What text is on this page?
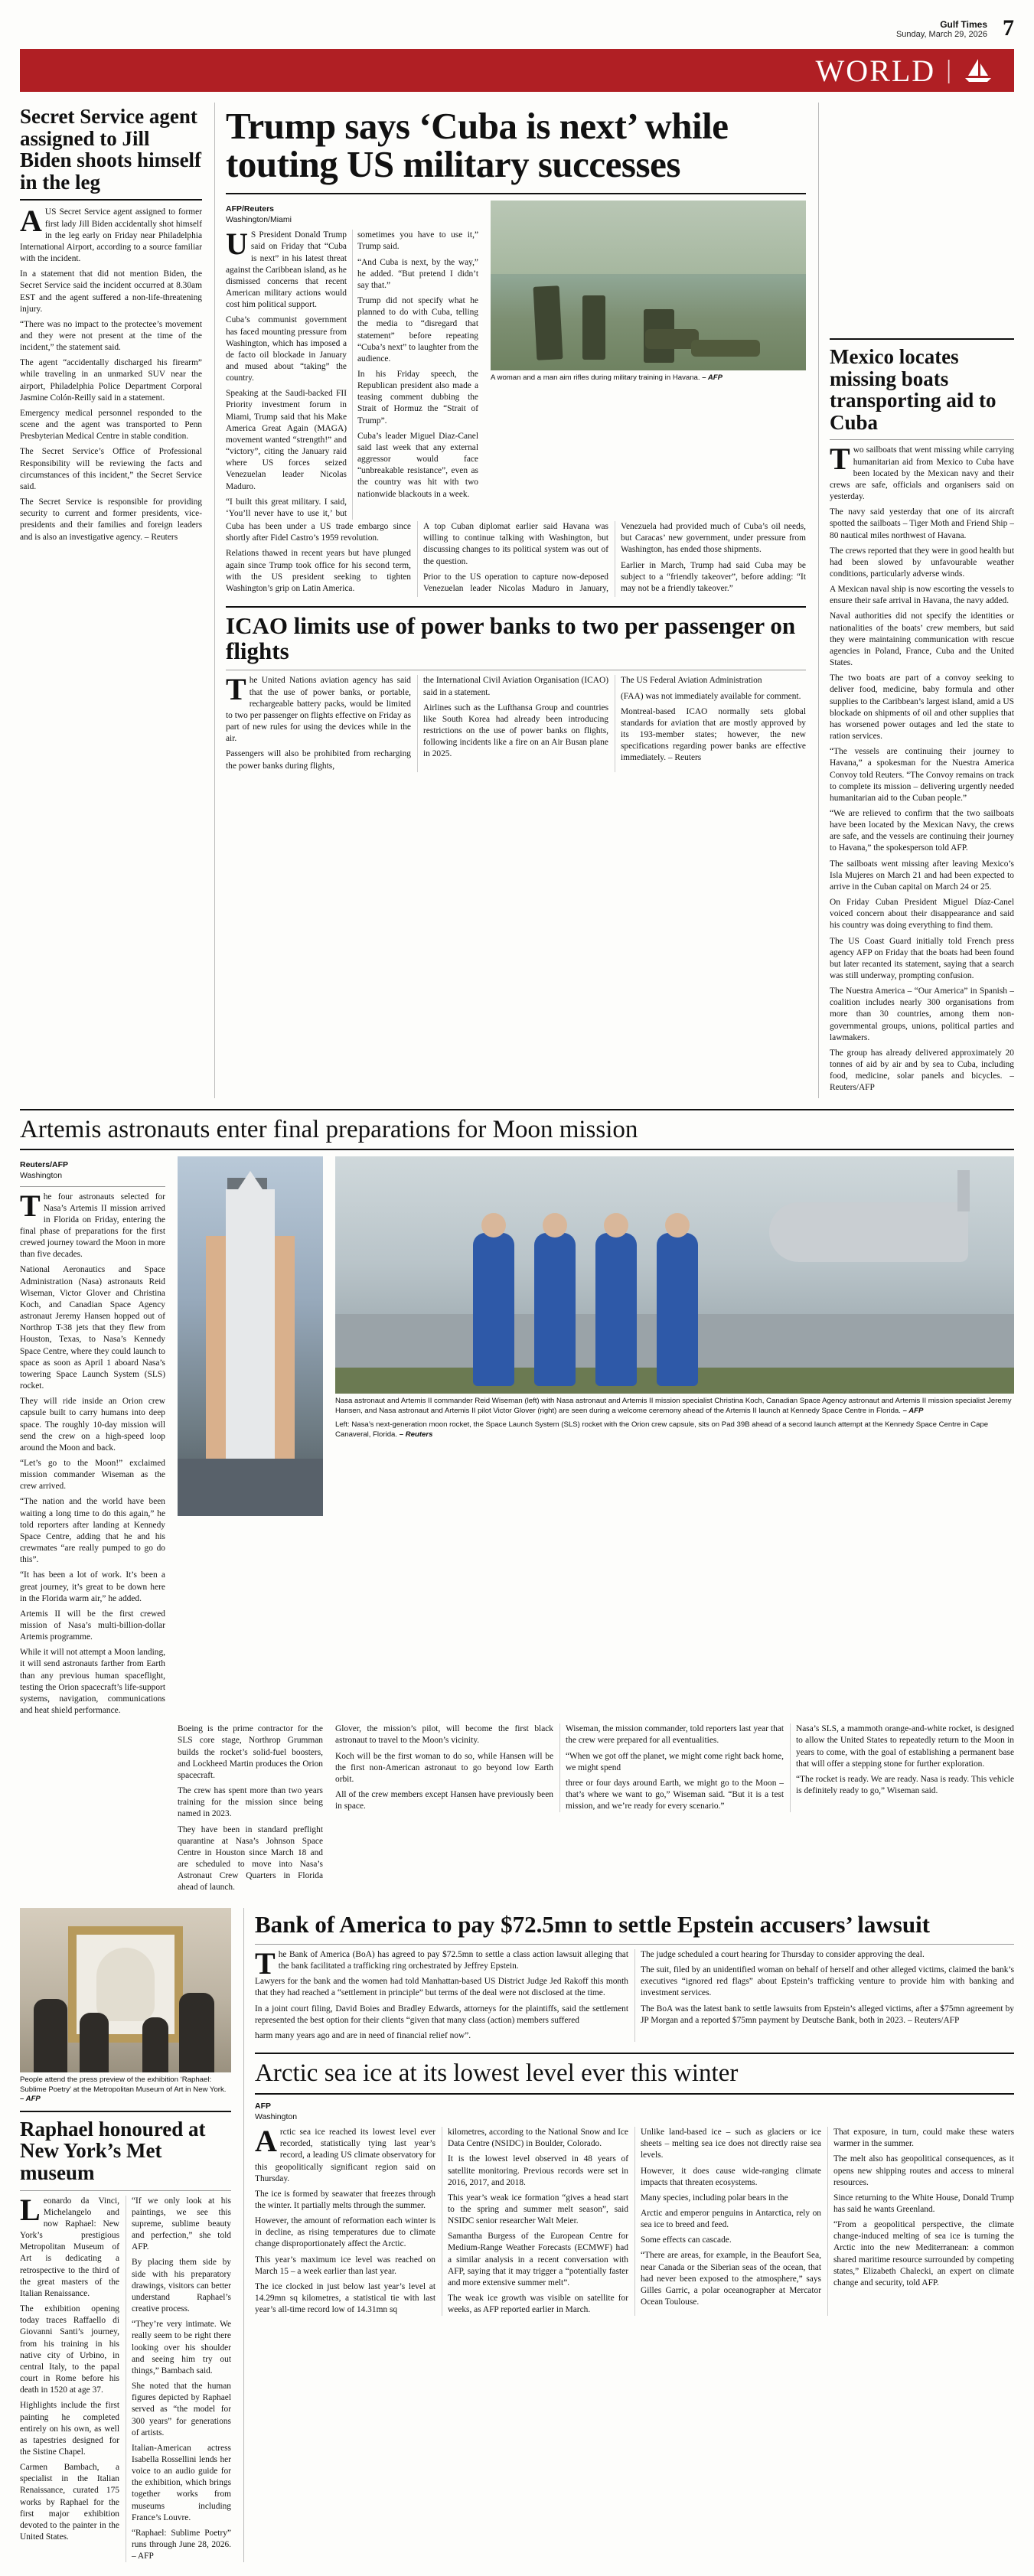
Gulf Times
Sunday, March 29, 2026 7
WORLD |
Secret Service agent assigned to Jill Biden shoots himself in the leg

AUS Secret Service agent assigned to former first lady Jill Biden accidentally shot himself in the leg early on Friday near Philadelphia International Airport, according to a source familiar with the incident.

In a statement that did not mention Biden, the Secret Service said the incident occurred at 8.30am EST and the agent suffered a non-life-threatening injury.

“There was no impact to the protectee’s movement and they were not present at the time of the incident,” the statement said.

The agent “accidentally discharged his firearm” while traveling in an unmarked SUV near the airport, Philadelphia Police Department Corporal Jasmine Colón-Reilly said in a statement.

Emergency medical personnel responded to the scene and the agent was transported to Penn Presbyterian Medical Centre in stable condition.

The Secret Service’s Office of Professional Responsibility will be reviewing the facts and circumstances of this incident,” the Secret Service said.

The Secret Service is responsible for providing security to current and former presidents, vice-presidents and their families and foreign leaders and is also an investigative agency. – Reuters

Trump says ‘Cuba is next’ while touting US military successes
AFP/Reuters
Washington/Miami

US President Donald Trump said on Friday that “Cuba is next” in his latest threat against the Caribbean island, as he dismissed concerns that recent American military actions would cost him political support.

Cuba’s communist government has faced mounting pressure from Washington, which has imposed a de facto oil blockade in January and mused about “taking” the country.

Speaking at the Saudi-backed FII Priority investment forum in Miami, Trump said that his Make America Great Again (MAGA) movement wanted “strength!” and “victory”, citing the January raid where US forces seized Venezuelan leader Nicolas Maduro.

“I built this great military. I said, ‘You’ll never have to use it,’ but sometimes you have to use it,” Trump said.

“And Cuba is next, by the way,” he added. “But pretend I didn’t say that.”

Trump did not specify what he planned to do with Cuba, telling the media to “disregard that statement” before repeating “Cuba’s next” to laughter from the audience.

In his Friday speech, the Republican president also made a teasing comment dubbing the Strait of Hormuz the “Strait of Trump”.

Cuba’s leader Miguel Diaz-Canel said last week that any external aggressor would face “unbreakable resistance”, even as the country was hit with two nationwide blackouts in a week.

A woman and a man aim rifles during military training in Havana. – AFP

Cuba has been under a US trade embargo since shortly after Fidel Castro’s 1959 revolution.

Relations thawed in recent years but have plunged again since Trump took office for his second term, with the US president seeking to tighten Washington’s grip on Latin America.

A top Cuban diplomat earlier said Havana was willing to continue talking with Washington, but discussing changes to its political system was out of the question.

Prior to the US operation to capture now-deposed Venezuelan leader Nicolas Maduro in January, Venezuela had provided much of Cuba’s oil needs, but Caracas’ new government, under pressure from Washington, has ended those shipments.

Earlier in March, Trump had said Cuba may be subject to a “friendly takeover”, before adding: “It may not be a friendly takeover.”

ICAO limits use of power banks to two per passenger on flights

The United Nations aviation agency has said that the use of power banks, or portable, rechargeable battery packs, would be limited to two per passenger on flights effective on Friday as part of new rules for using the devices while in the air.

Passengers will also be prohibited from recharging the power banks during flights,

the International Civil Aviation Organisation (ICAO) said in a statement.

Airlines such as the Lufthansa Group and countries like South Korea had already been introducing restrictions on the use of power banks on flights, following incidents like a fire on an Air Busan plane in 2025.

The US Federal Aviation Administration

(FAA) was not immediately available for comment.

Montreal-based ICAO normally sets global standards for aviation that are mostly approved by its 193-member states; however, the new specifications regarding power banks are effective immediately. – Reuters

Mexico locates missing boats transporting aid to Cuba

Two sailboats that went missing while carrying humanitarian aid from Mexico to Cuba have been located by the Mexican navy and their crews are safe, officials and organisers said on yesterday.

The navy said yesterday that one of its aircraft spotted the sailboats – Tiger Moth and Friend Ship – 80 nautical miles northwest of Havana.

The crews reported that they were in good health but had been slowed by unfavourable weather conditions, particularly adverse winds.

A Mexican naval ship is now escorting the vessels to ensure their safe arrival in Havana, the navy added.

Naval authorities did not specify the identities or nationalities of the boats’ crew members, but said they were maintaining communication with rescue agencies in Poland, France, Cuba and the United States.

The two boats are part of a convoy seeking to deliver food, medicine, baby formula and other supplies to the Caribbean’s largest island, amid a US blockade on shipments of oil and other supplies that has worsened power outages and led the state to ration services.

“The vessels are continuing their journey to Havana,” a spokesman for the Nuestra America Convoy told Reuters. “The Convoy remains on track to complete its mission – delivering urgently needed humanitarian aid to the Cuban people.”

“We are relieved to confirm that the two sailboats have been located by the Mexican Navy, the crews are safe, and the vessels are continuing their journey to Havana,” the spokesperson told AFP.

The sailboats went missing after leaving Mexico’s Isla Mujeres on March 21 and had been expected to arrive in the Cuban capital on March 24 or 25.

On Friday Cuban President Miguel Díaz-Canel voiced concern about their disappearance and said his country was doing everything to find them.

The US Coast Guard initially told French press agency AFP on Friday that the boats had been found but later recanted its statement, saying that a search was still underway, prompting confusion.

The Nuestra America – “Our America” in Spanish – coalition includes nearly 300 organisations from more than 30 countries, among them non-governmental groups, unions, political parties and lawmakers.

The group has already delivered approximately 20 tonnes of aid by air and by sea to Cuba, including food, medicine, solar panels and bicycles. – Reuters/AFP

Artemis astronauts enter final preparations for Moon mission
Reuters/AFP
Washington

The four astronauts selected for Nasa’s Artemis II mission arrived in Florida on Friday, entering the final phase of preparations for the first crewed journey toward the Moon in more than five decades.

National Aeronautics and Space Administration (Nasa) astronauts Reid Wiseman, Victor Glover and Christina Koch, and Canadian Space Agency astronaut Jeremy Hansen hopped out of Northrop T-38 jets that they flew from Houston, Texas, to Nasa’s Kennedy Space Centre, where they could launch to space as soon as April 1 aboard Nasa’s towering Space Launch System (SLS) rocket.

They will ride inside an Orion crew capsule built to carry humans into deep space. The roughly 10-day mission will send the crew on a high-speed loop around the Moon and back.

“Let’s go to the Moon!” exclaimed mission commander Wiseman as the crew arrived.

“The nation and the world have been waiting a long time to do this again,” he told reporters after landing at Kennedy Space Centre, adding that he and his crewmates “are really pumped to go do this”.

“It has been a lot of work. It’s been a great journey, it’s great to be down here in the Florida warm air,” he added.

Artemis II will be the first crewed mission of Nasa’s multi-billion-dollar Artemis programme.

While it will not attempt a Moon landing, it will send astronauts farther from Earth than any previous human spaceflight, testing the Orion spacecraft’s life-support systems, navigation, communications and heat shield performance.

Nasa astronaut and Artemis II commander Reid Wiseman (left) with Nasa astronaut and Artemis II mission specialist Christina Koch, Canadian Space Agency astronaut and Artemis II mission specialist Jeremy Hansen, and Nasa astronaut and Artemis II pilot Victor Glover (right) are seen during a welcome ceremony ahead of the Artemis II launch at Kennedy Space Centre in Florida. – AFP
Left: Nasa’s next-generation moon rocket, the Space Launch System (SLS) rocket with the Orion crew capsule, sits on Pad 39B ahead of a second launch attempt at the Kennedy Space Centre in Cape Canaveral, Florida. – Reuters

Boeing is the prime contractor for the SLS core stage, Northrop Grumman builds the rocket’s solid-fuel boosters, and Lockheed Martin produces the Orion spacecraft.

The crew has spent more than two years training for the mission since being named in 2023.

They have been in standard preflight quarantine at Nasa’s Johnson Space Centre in Houston since March 18 and are scheduled to move into Nasa’s Astronaut Crew Quarters in Florida ahead of launch.

Glover, the mission’s pilot, will become the first black astronaut to travel to the Moon’s vicinity.

Koch will be the first woman to do so, while Hansen will be the first non-American astronaut to go beyond low Earth orbit.

All of the crew members except Hansen have previously been in space.

Wiseman, the mission commander, told reporters last year that the crew were prepared for all eventualities.

“When we got off the planet, we might come right back home, we might spend

three or four days around Earth, we might go to the Moon – that’s where we want to go,” Wiseman said. “But it is a test mission, and we’re ready for every scenario.”

Nasa’s SLS, a mammoth orange-and-white rocket, is designed to allow the United States to repeatedly return to the Moon in years to come, with the goal of establishing a permanent base that will offer a stepping stone for further exploration.

“The rocket is ready. We are ready. Nasa is ready. This vehicle is definitely ready to go,” Wiseman said.

People attend the press preview of the exhibition ‘Raphael: Sublime Poetry’ at the Metropolitan Museum of Art in New York. – AFP
Raphael honoured at New York’s Met museum

Leonardo da Vinci, Michelangelo and now Raphael: New York’s prestigious Metropolitan Museum of Art is dedicating a retrospective to the third of the great masters of the Italian Renaissance.

The exhibition opening today traces Raffaello di Giovanni Santi’s journey, from his training in his native city of Urbino, in central Italy, to the papal court in Rome before his death in 1520 at age 37.

Highlights include the first painting he completed entirely on his own, as well as tapestries designed for the Sistine Chapel.

Carmen Bambach, a specialist in the Italian Renaissance, curated 175 works by Raphael for the first major exhibition devoted to the painter in the United States.

“If we only look at his paintings, we see this supreme, sublime beauty and perfection,” she told AFP.

By placing them side by side with his preparatory drawings, visitors can better understand Raphael’s creative process.

“They’re very intimate. We really seem to be right there looking over his shoulder and seeing him try out things,” Bambach said.

She noted that the human figures depicted by Raphael served as “the model for 300 years” for generations of artists.

Italian-American actress Isabella Rossellini lends her voice to an audio guide for the exhibition, which brings together works from museums including France’s Louvre.

“Raphael: Sublime Poetry” runs through June 28, 2026. – AFP

Bank of America to pay $72.5mn to settle Epstein accusers’ lawsuit

The Bank of America (BoA) has agreed to pay $72.5mn to settle a class action lawsuit alleging that the bank facilitated a trafficking ring orchestrated by Jeffrey Epstein.

Lawyers for the bank and the women had told Manhattan-based US District Judge Jed Rakoff this month that they had reached a “settlement in principle” but terms of the deal were not disclosed at the time.

In a joint court filing, David Boies and Bradley Edwards, attorneys for the plaintiffs, said the settlement represented the best option for their clients “given that many class (action) members suffered

harm many years ago and are in need of financial relief now”.

The judge scheduled a court hearing for Thursday to consider approving the deal.

The suit, filed by an unidentified woman on behalf of herself and other alleged victims, claimed the bank’s executives “ignored red flags” about Epstein’s trafficking venture to provide him with banking and investment services.

The BoA was the latest bank to settle lawsuits from Epstein’s alleged victims, after a $75mn agreement by JP Morgan and a reported $75mn payment by Deutsche Bank, both in 2023. – Reuters/AFP

Arctic sea ice at its lowest level ever this winter
AFP
Washington

Arctic sea ice reached its lowest level ever recorded, statistically tying last year’s record, a leading US climate observatory for this geopolitically significant region said on Thursday.

The ice is formed by seawater that freezes through the winter. It partially melts through the summer.

However, the amount of reformation each winter is in decline, as rising temperatures due to climate change disproportionately affect the Arctic.

This year’s maximum ice level was reached on March 15 – a week earlier than last year.

The ice clocked in just below last year’s level at 14.29mn sq kilometres, a statistical tie with last year’s all-time record low of 14.31mn sq

kilometres, according to the National Snow and Ice Data Centre (NSIDC) in Boulder, Colorado.

It is the lowest level observed in 48 years of satellite monitoring. Previous records were set in 2016, 2017, and 2018.

This year’s weak ice formation “gives a head start to the spring and summer melt season”, said NSIDC senior researcher Walt Meier.

Samantha Burgess of the European Centre for Medium-Range Weather Forecasts (ECMWF) had a similar analysis in a recent conversation with AFP, saying that it may trigger a “potentially faster and more extensive summer melt”.

The weak ice growth was visible on satellite for weeks, as AFP reported earlier in March.

Unlike land-based ice – such as glaciers or ice sheets – melting sea ice does not directly raise sea levels.

However, it does cause wide-ranging climate impacts that threaten ecosystems.

Many species, including polar bears in the

Arctic and emperor penguins in Antarctica, rely on sea ice to breed and feed.

Some effects can cascade.

“There are areas, for example, in the Beaufort Sea, near Canada or the Siberian seas of the ocean, that had never been exposed to the atmosphere,” says Gilles Garric, a polar oceanographer at Mercator Ocean Toulouse.

That exposure, in turn, could make these waters warmer in the summer.

The melt also has geopolitical consequences, as it opens new shipping routes and access to mineral resources.

Since returning to the White House, Donald Trump has said he wants Greenland.

“From a geopolitical perspective, the climate change-induced melting of sea ice is turning the Arctic into the new Mediterranean: a common shared maritime resource surrounded by competing states,” Elizabeth Chalecki, an expert on climate change and security, told AFP.
